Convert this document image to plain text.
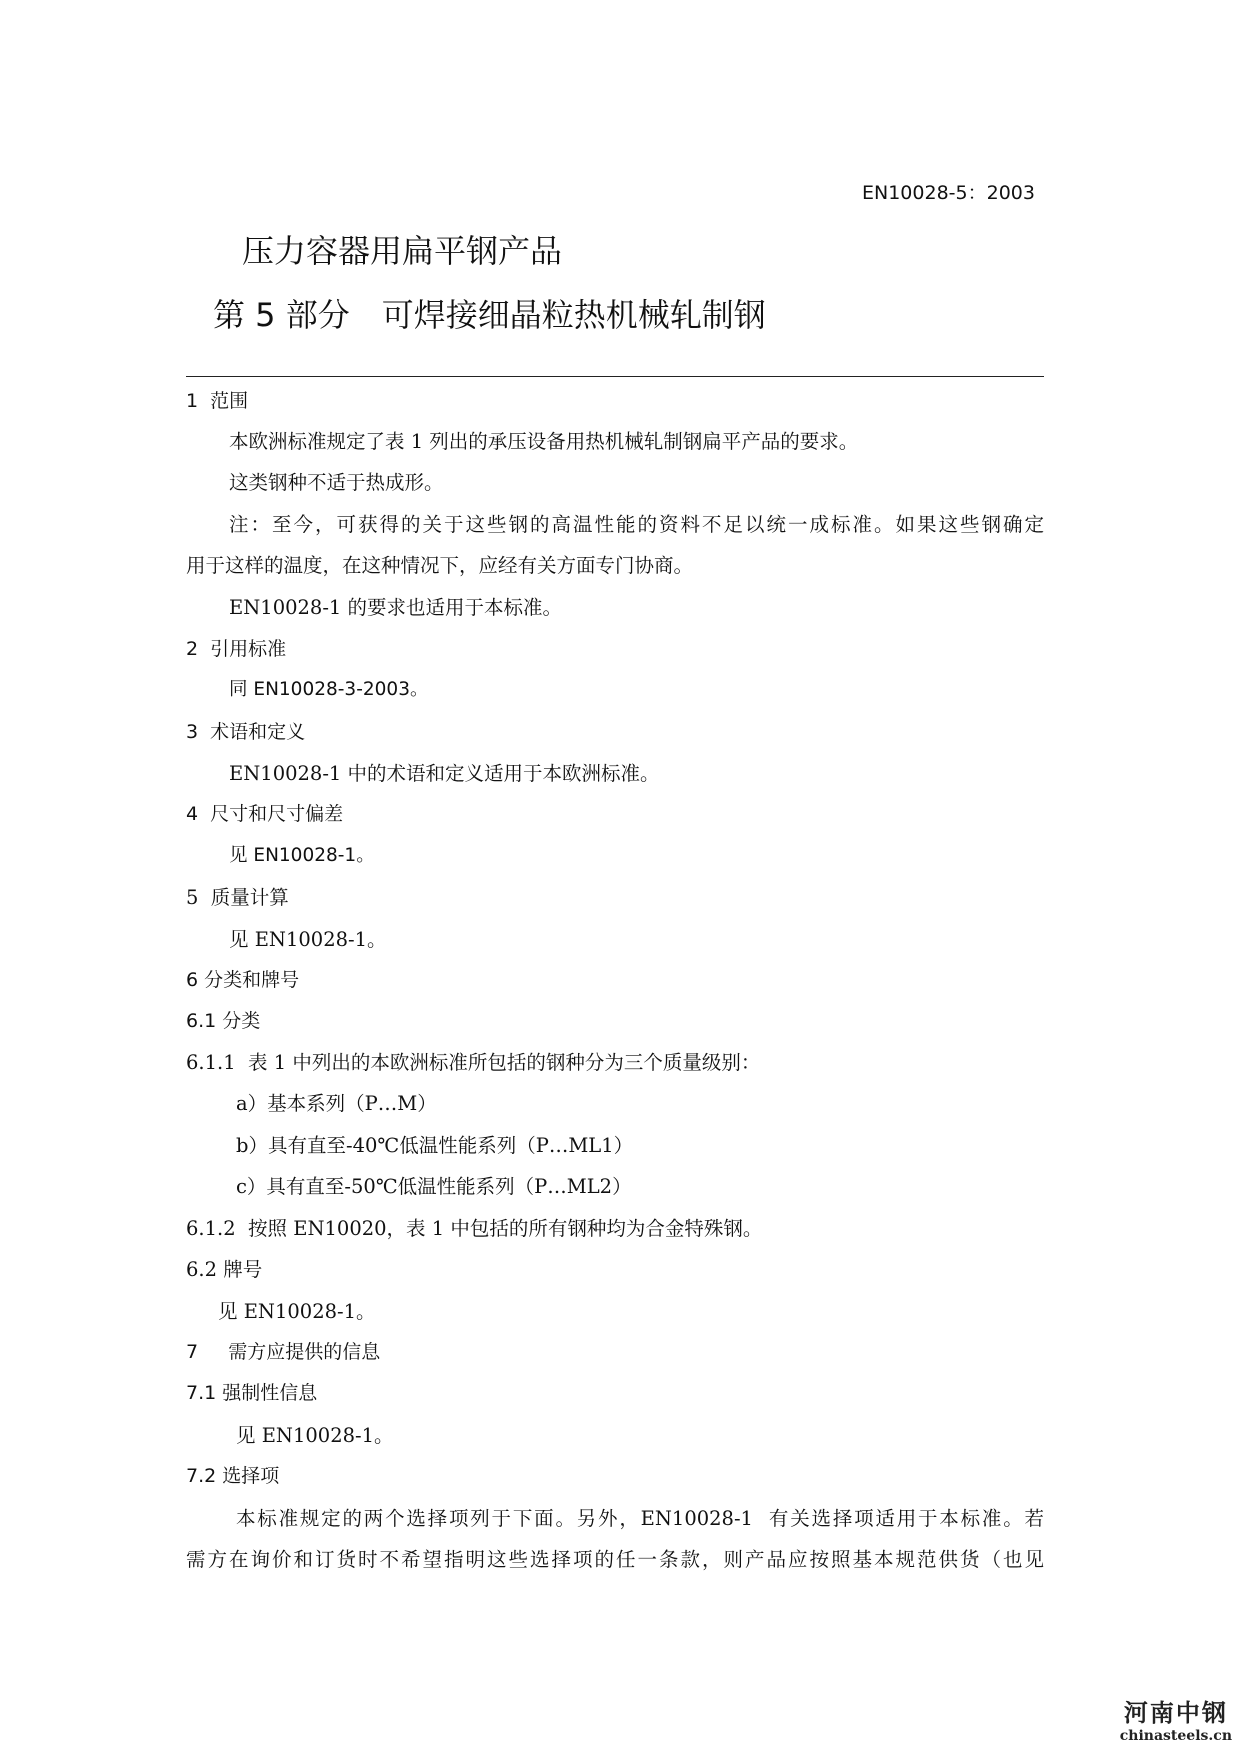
EN10028-5：2003
压力容器用扁平钢产品
第 5 部分　可焊接细晶粒热机械轧制钢
1  范围
本欧洲标准规定了表 1 列出的承压设备用热机械轧制钢扁平产品的要求。
这类钢种不适于热成形。
注：至今，可获得的关于这些钢的高温性能的资料不足以统一成标准。如果这些钢确定
用于这样的温度，在这种情况下，应经有关方面专门协商。
EN10028-1 的要求也适用于本标准。
2  引用标准
同 EN10028-3-2003。
3  术语和定义
EN10028-1 中的术语和定义适用于本欧洲标准。
4  尺寸和尺寸偏差
见 EN10028-1。
5  质量计算
见 EN10028-1。
6 分类和牌号
6.1 分类
6.1.1  表 1 中列出的本欧洲标准所包括的钢种分为三个质量级别：
a）基本系列（P…M）
b）具有直至-40℃低温性能系列（P…ML1）
c）具有直至-50℃低温性能系列（P…ML2）
6.1.2  按照 EN10020，表 1 中包括的所有钢种均为合金特殊钢。
6.2 牌号
见 EN10028-1。
7     需方应提供的信息
7.1 强制性信息
见 EN10028-1。
7.2 选择项
本标准规定的两个选择项列于下面。另外，EN10028-1  有关选择项适用于本标准。若
需方在询价和订货时不希望指明这些选择项的任一条款，则产品应按照基本规范供货（也见
河南中钢
chinasteels.cn
